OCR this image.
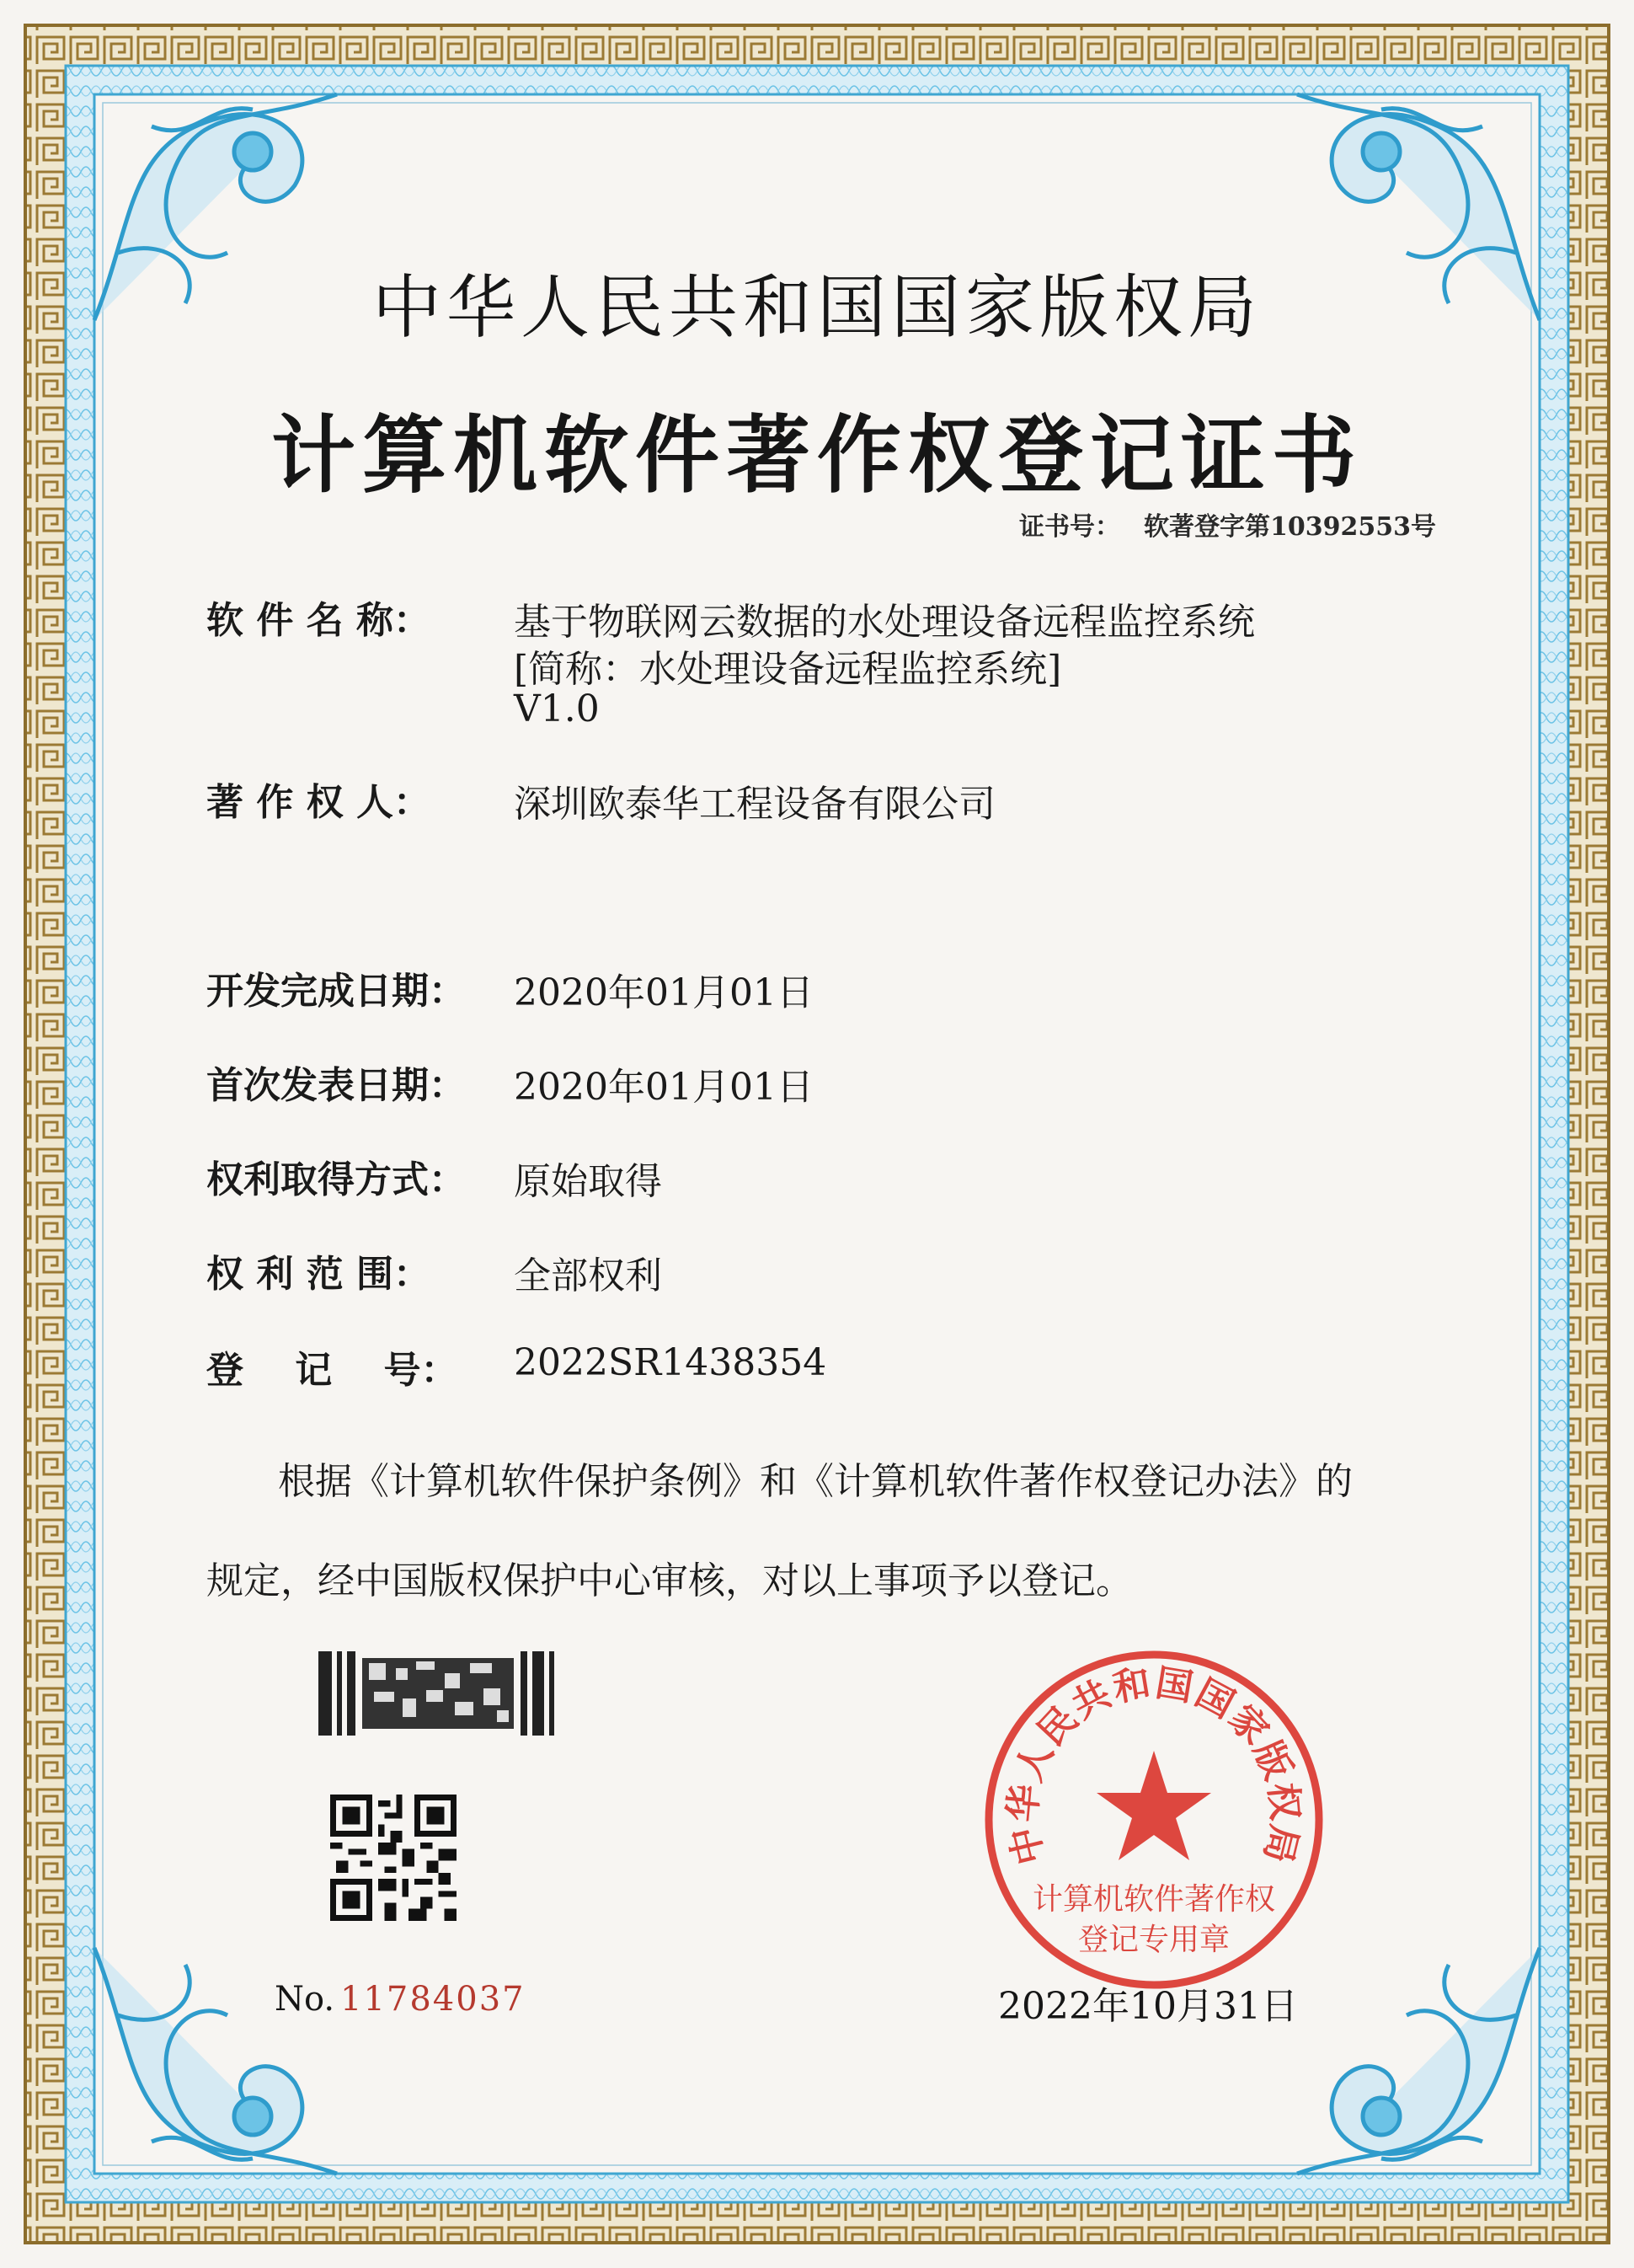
中华人民共和国国家版权局
计算机软件著作权登记证书
证书号： 软著登字第10392553号
软 件 名 称： 基于物联网云数据的水处理设备远程监控系统
[简称：水处理设备远程监控系统]
V1.0
著 作 权 人： 深圳欧泰华工程设备有限公司
开发完成日期： 2020年01月01日
首次发表日期： 2020年01月01日
权利取得方式： 原始取得
权 利 范 围： 全部权利
登    记    号： 2022SR1438354
根据《计算机软件保护条例》和《计算机软件著作权登记办法》的
规定，经中国版权保护中心审核，对以上事项予以登记。
中华人民共和国国家版权局
计算机软件著作权
登记专用章
No. 11784037	2022年10月31日
